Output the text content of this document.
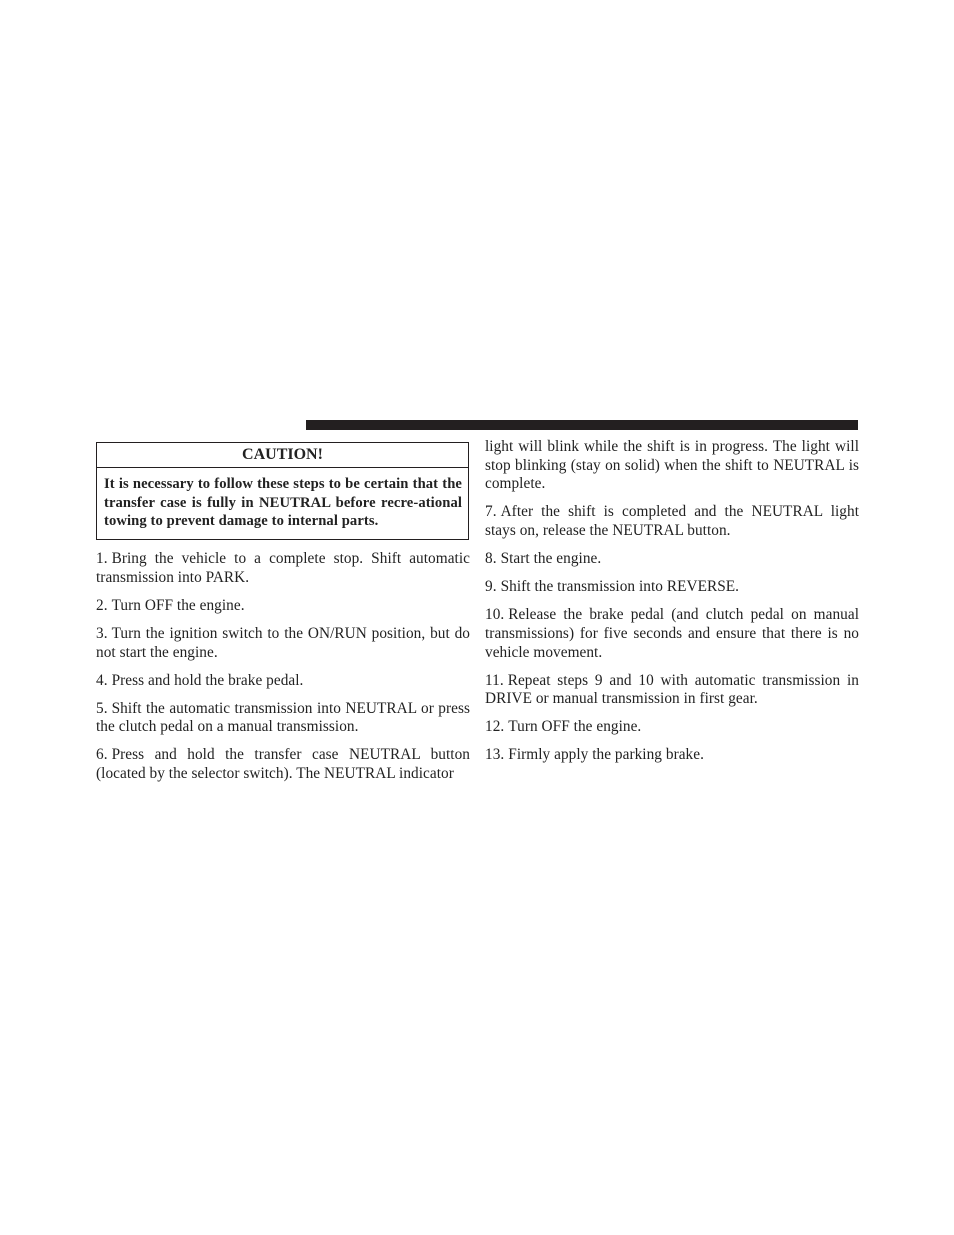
CAUTION!
It is necessary to follow these steps to be certain that the transfer case is fully in NEUTRAL before recre-ational towing to prevent damage to internal parts.

1. Bring the vehicle to a complete stop. Shift automatic transmission into PARK.

2. Turn OFF the engine.

3. Turn the ignition switch to the ON/RUN position, but do not start the engine.

4. Press and hold the brake pedal.

5. Shift the automatic transmission into NEUTRAL or press the clutch pedal on a manual transmission.

6. Press and hold the transfer case NEUTRAL button (located by the selector switch). The NEUTRAL indicator

light will blink while the shift is in progress. The light will stop blinking (stay on solid) when the shift to NEUTRAL is complete.

7. After the shift is completed and the NEUTRAL light stays on, release the NEUTRAL button.

8. Start the engine.

9. Shift the transmission into REVERSE.

10. Release the brake pedal (and clutch pedal on manual transmissions) for five seconds and ensure that there is no vehicle movement.

11. Repeat steps 9 and 10 with automatic transmission in DRIVE or manual transmission in first gear.

12. Turn OFF the engine.

13. Firmly apply the parking brake.
